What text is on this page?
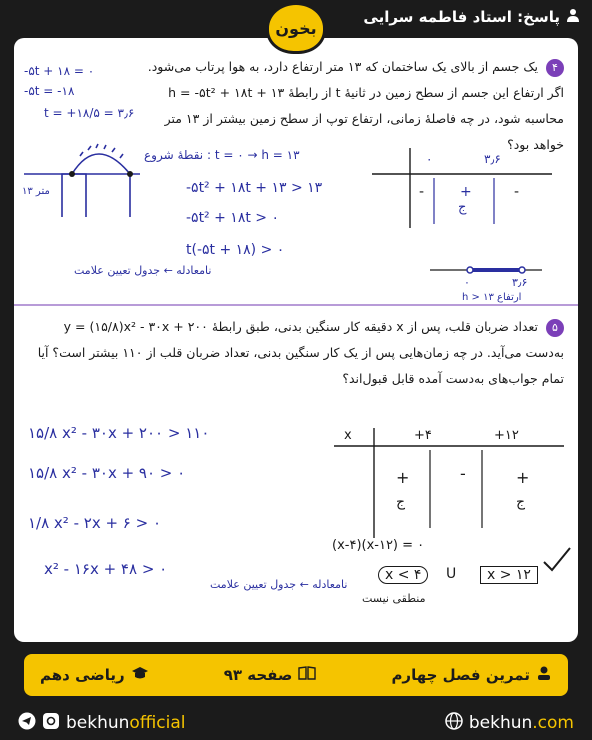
پاسخ: استاد فاطمه سرایی
بخون
۴ یک جسم از بالای یک ساختمان که ۱۳ متر ارتفاع دارد، به هوا پرتاب می‌شود. اگر ارتفاع این جسم از سطح زمین در ثانیهٔ t از رابطهٔ h = -۵t² + ۱۸t + ۱۳ محاسبه شود، در چه فاصلهٔ زمانی، ارتفاع توپ از سطح زمین بیشتر از ۱۳ متر خواهد بود؟
-۵t + ۱۸ = ۰
-۵t = -۱۸
t = +۱۸/۵ = ۳٫۶
۱۳ متر
نقطهٔ شروع : t = ۰ → h = ۱۳
-۵t² + ۱۸t + ۱۳ > ۱۳
-۵t² + ۱۸t > ۰
t(-۵t + ۱۸) > ۰
نامعادله ← جدول تعیین علامت
۰	۳٫۶
-	+	-
ج
۰	۳٫۶
h > ۱۳ ارتفاع
۵ تعداد ضربان قلب، پس از x دقیقه کار سنگین بدنی، طبق رابطهٔ y = (۱۵/۸)x² - ۳۰x + ۲۰۰ به‌دست می‌آید. در چه زمان‌هایی پس از یک کار سنگین بدنی، تعداد ضربان قلب از ۱۱۰ بیشتر است؟ آیا تمام جواب‌های به‌دست آمده قابل قبول‌اند؟
۱۵/۸ x² - ۳۰x + ۲۰۰ > ۱۱۰
۱۵/۸ x² - ۳۰x + ۹۰ > ۰
۱/۸ x² - ۲x + ۶ > ۰
x² - ۱۶x + ۴۸ > ۰
نامعادله ← جدول تعیین علامت
x	+۴	+۱۲
+	-	+
ج	ج
(x-۴)(x-۱۲) = ۰
x < ۴	U	x > ۱۲
منطقی نیست
تمرین فصل چهارم
صفحه ۹۳
ریاضی دهم
bekhunofficial	bekhun.com
